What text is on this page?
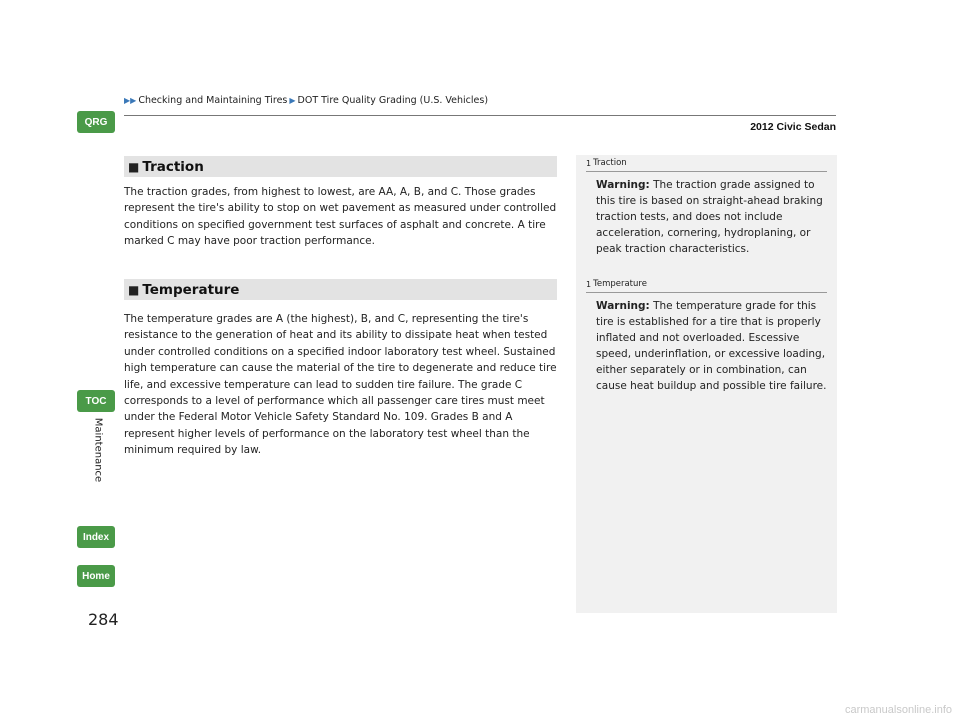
▶▶ Checking and Maintaining Tires ▶ DOT Tire Quality Grading (U.S. Vehicles)
2012 Civic Sedan
QRG
TOC
Maintenance
Index
Home
284
■ Traction

The traction grades, from highest to lowest, are AA, A, B, and C. Those grades represent the tire's ability to stop on wet pavement as measured under controlled conditions on specified government test surfaces of asphalt and concrete. A tire marked C may have poor traction performance.

■ Temperature

The temperature grades are A (the highest), B, and C, representing the tire's resistance to the generation of heat and its ability to dissipate heat when tested under controlled conditions on a specified indoor laboratory test wheel. Sustained high temperature can cause the material of the tire to degenerate and reduce tire life, and excessive temperature can lead to sudden tire failure. The grade C corresponds to a level of performance which all passenger care tires must meet under the Federal Motor Vehicle Safety Standard No. 109. Grades B and A represent higher levels of performance on the laboratory test wheel than the minimum required by law.

1 Traction

Warning: The traction grade assigned to this tire is based on straight-ahead braking traction tests, and does not include acceleration, cornering, hydroplaning, or peak traction characteristics.

1 Temperature

Warning: The temperature grade for this tire is established for a tire that is properly inflated and not overloaded. Escessive speed, underinflation, or excessive loading, either separately or in combination, can cause heat buildup and possible tire failure.

carmanualsonline.info
